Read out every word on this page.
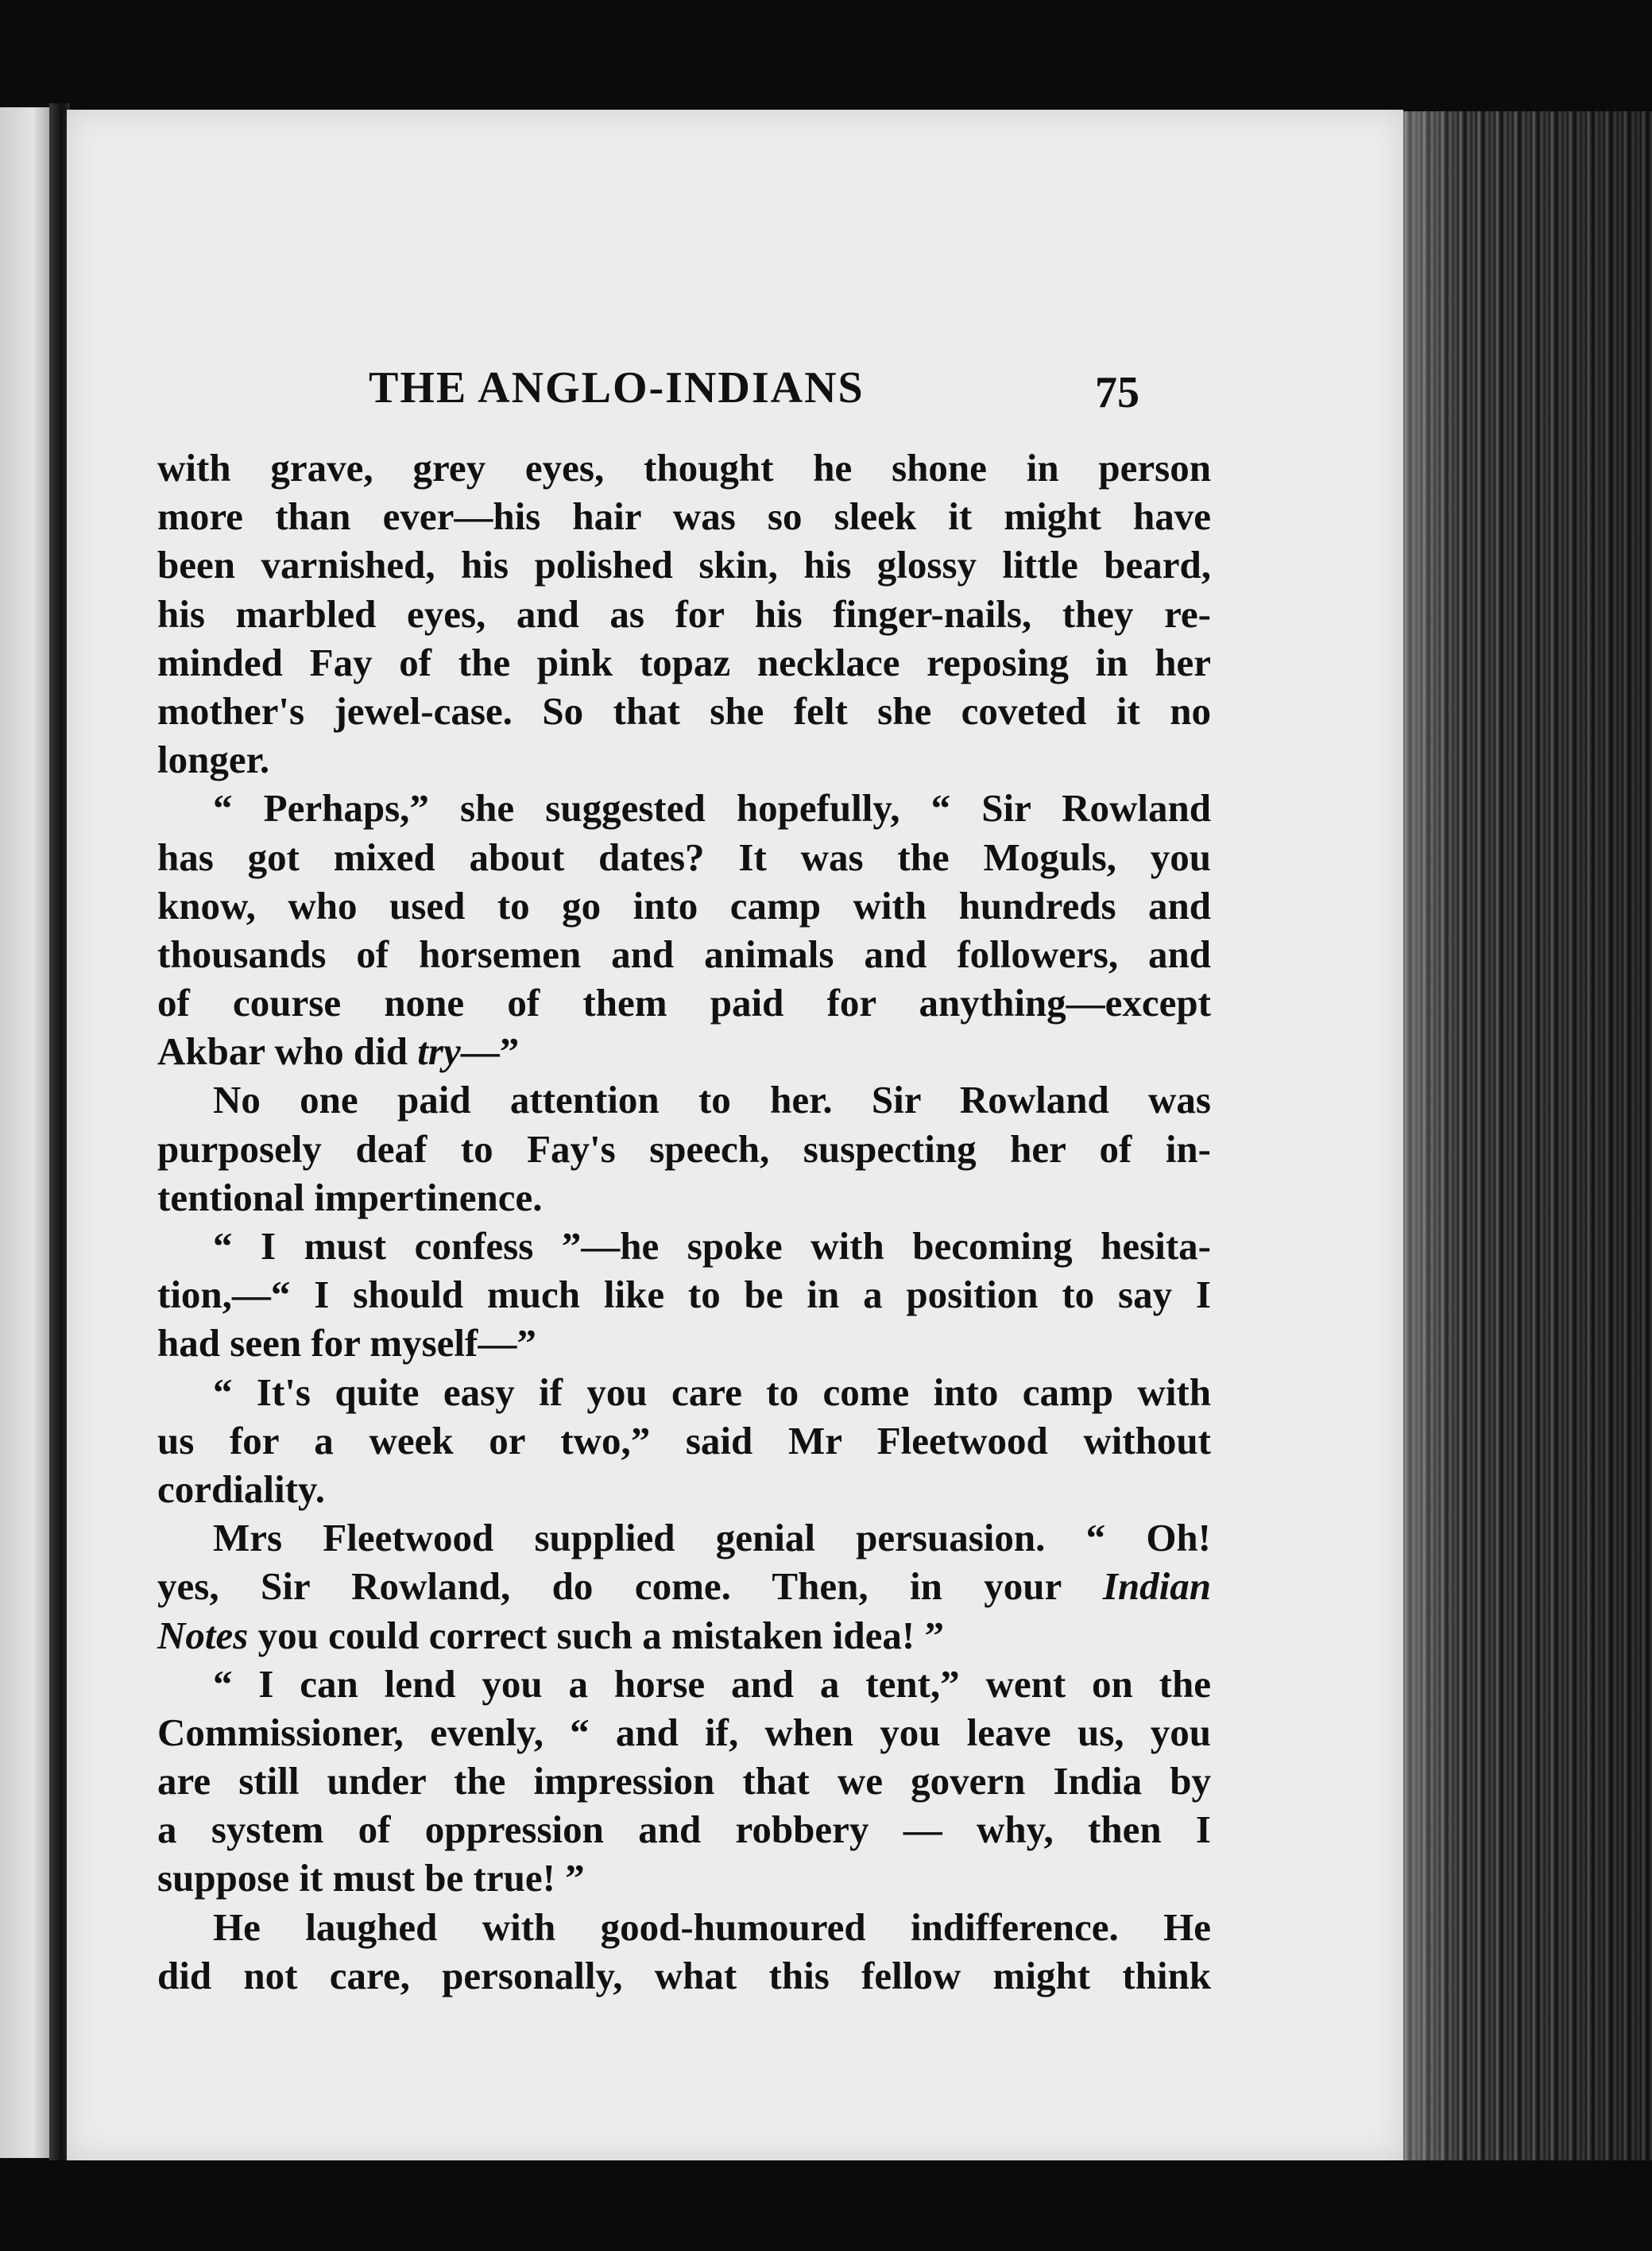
THE ANGLO-INDIANS	75
with grave, grey eyes, thought he shone in person
more than ever—his hair was so sleek it might have
been varnished, his polished skin, his glossy little beard,
his marbled eyes, and as for his finger-nails, they re-
minded Fay of the pink topaz necklace reposing in her
mother's jewel-case. So that she felt she coveted it no
longer.
“ Perhaps,” she suggested hopefully, “ Sir Rowland
has got mixed about dates? It was the Moguls, you
know, who used to go into camp with hundreds and
thousands of horsemen and animals and followers, and
of course none of them paid for anything—except
Akbar who did try—”
No one paid attention to her. Sir Rowland was
purposely deaf to Fay's speech, suspecting her of in-
tentional impertinence.
“ I must confess ”—he spoke with becoming hesita-
tion,—“ I should much like to be in a position to say I
had seen for myself—”
“ It's quite easy if you care to come into camp with
us for a week or two,” said Mr Fleetwood without
cordiality.
Mrs Fleetwood supplied genial persuasion. “ Oh!
yes, Sir Rowland, do come. Then, in your Indian
Notes you could correct such a mistaken idea! ”
“ I can lend you a horse and a tent,” went on the
Commissioner, evenly, “ and if, when you leave us, you
are still under the impression that we govern India by
a system of oppression and robbery — why, then I
suppose it must be true! ”
He laughed with good-humoured indifference. He
did not care, personally, what this fellow might think
